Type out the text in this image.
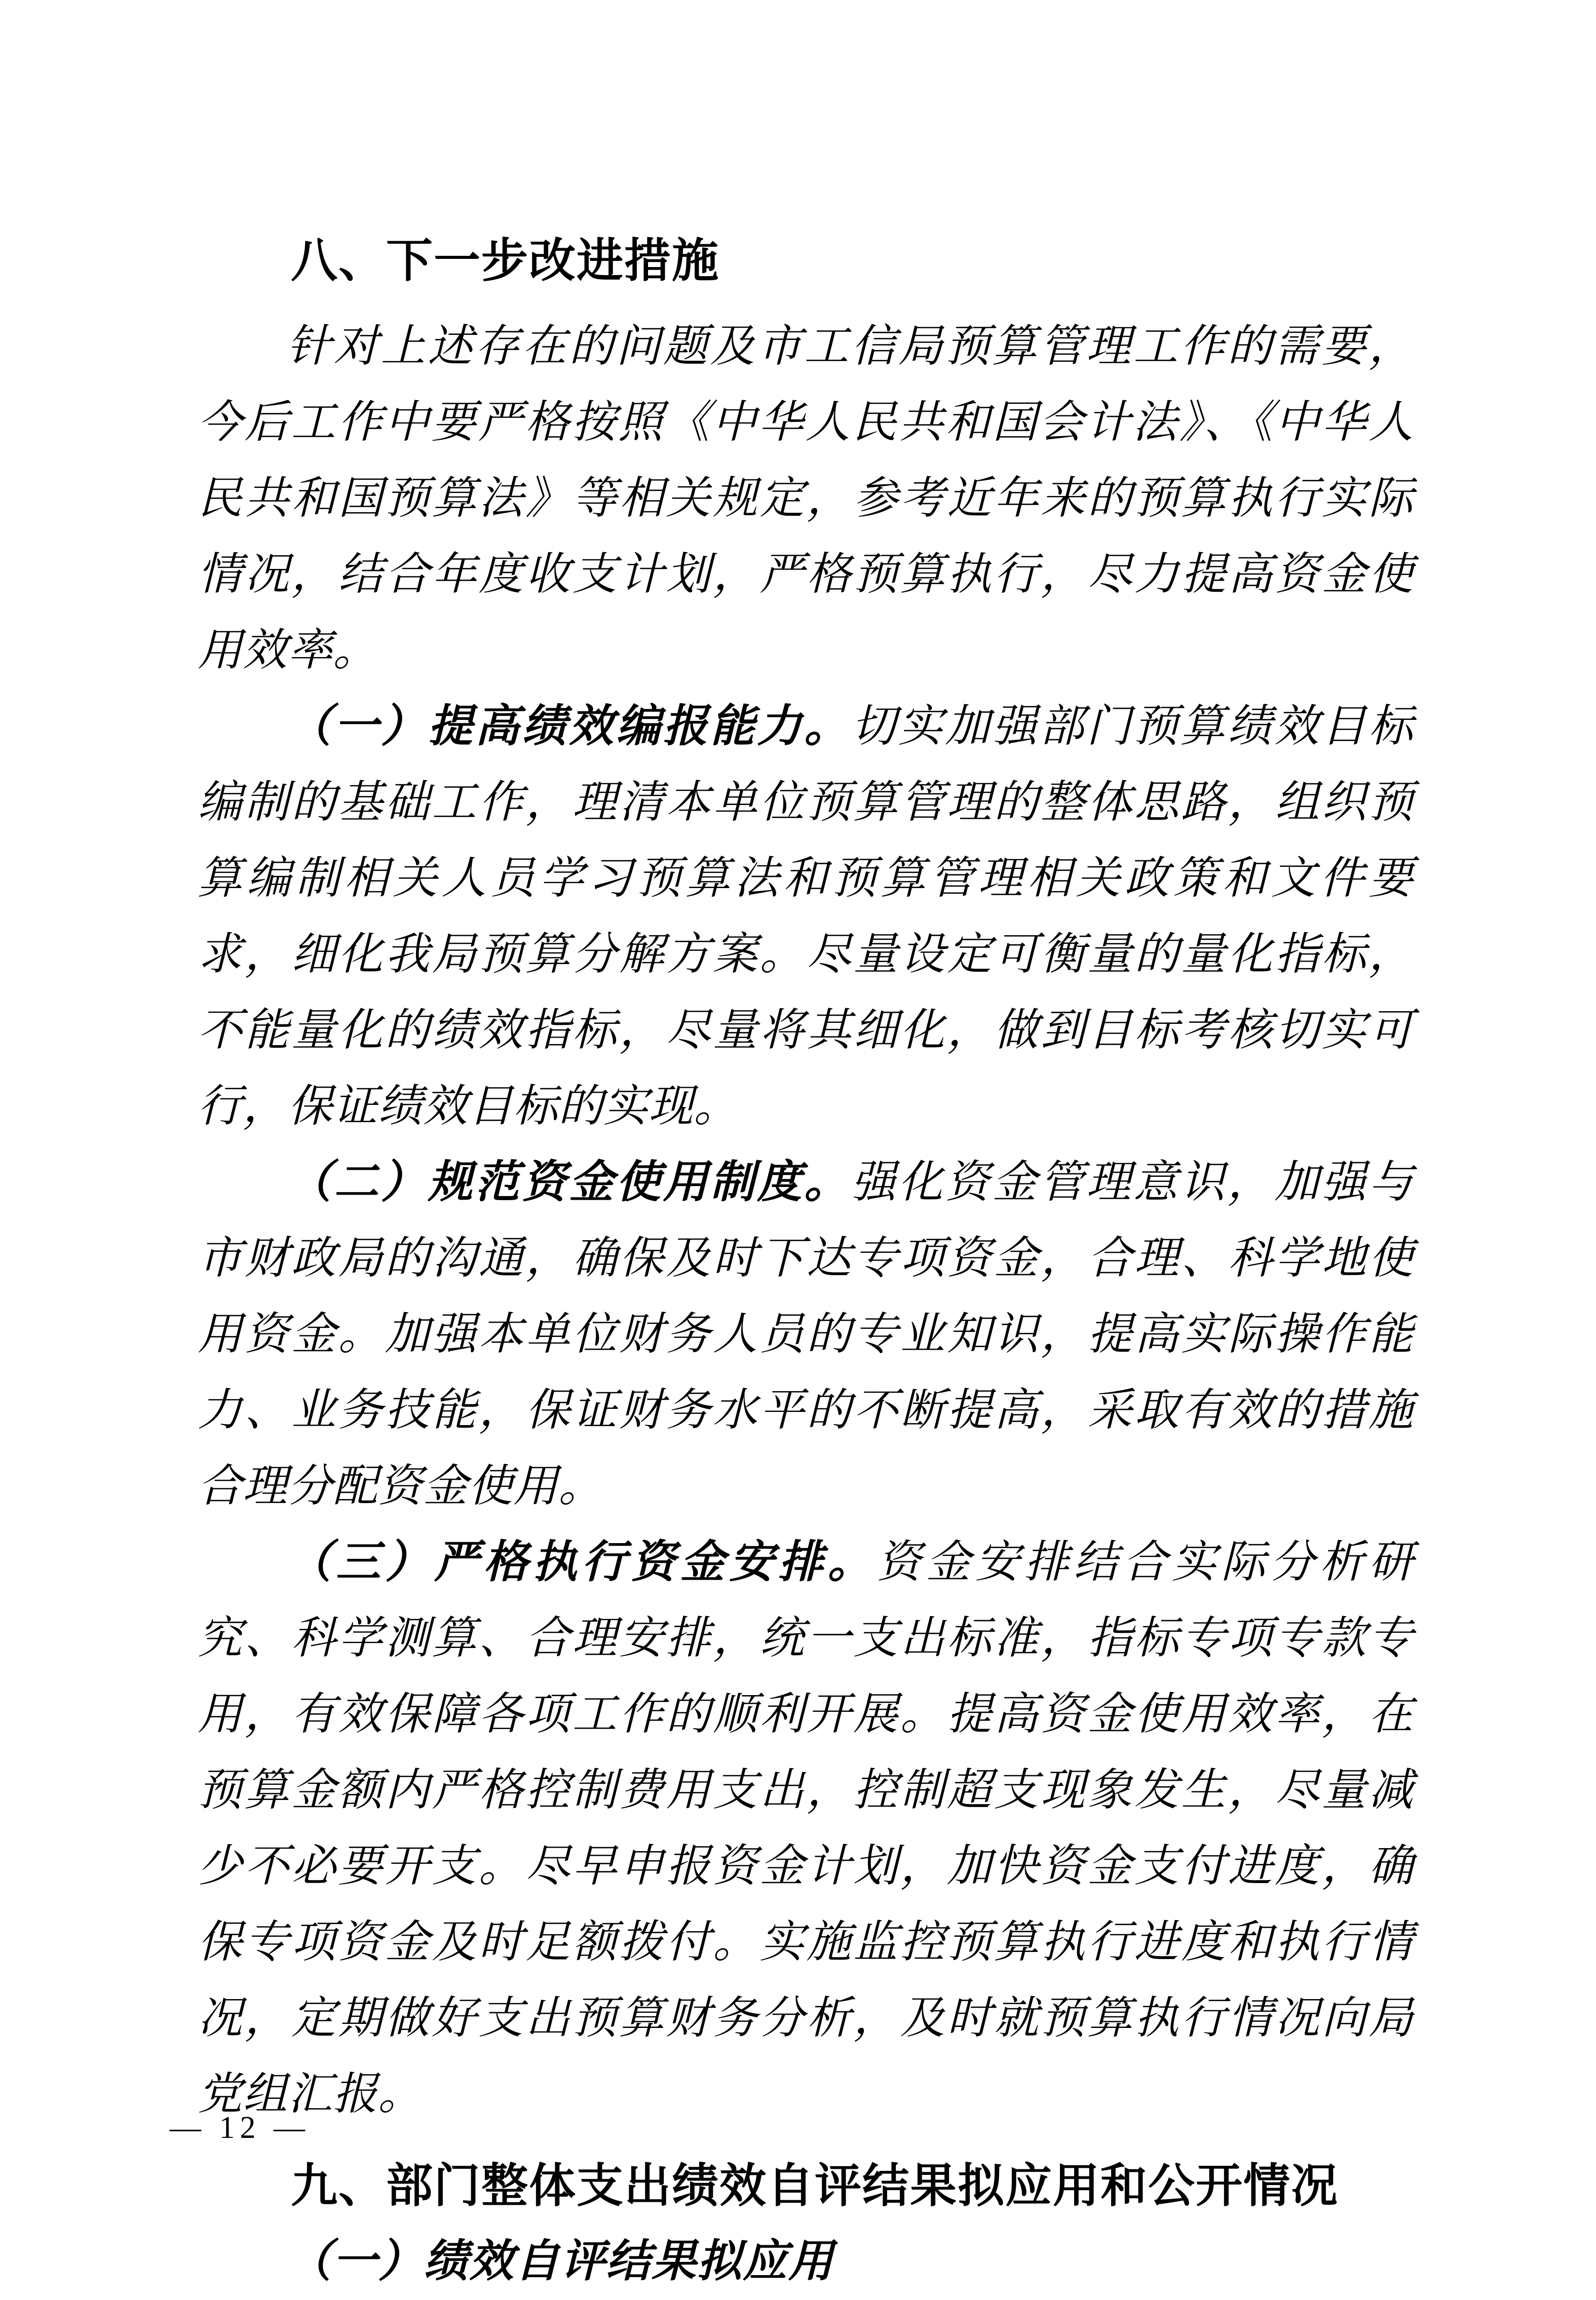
八、下一步改进措施

针对上述存在的问题及市工信局预算管理工作的需要，今后工作中要严格按照《中华人民共和国会计法》、《中华人民共和国预算法》等相关规定，参考近年来的预算执行实际情况，结合年度收支计划，严格预算执行，尽力提高资金使用效率。

（一）提高绩效编报能力。切实加强部门预算绩效目标编制的基础工作，理清本单位预算管理的整体思路，组织预算编制相关人员学习预算法和预算管理相关政策和文件要求，细化我局预算分解方案。尽量设定可衡量的量化指标，不能量化的绩效指标，尽量将其细化，做到目标考核切实可行，保证绩效目标的实现。

（二）规范资金使用制度。强化资金管理意识，加强与市财政局的沟通，确保及时下达专项资金，合理、科学地使用资金。加强本单位财务人员的专业知识，提高实际操作能力、业务技能，保证财务水平的不断提高，采取有效的措施合理分配资金使用。

（三）严格执行资金安排。资金安排结合实际分析研究、科学测算、合理安排，统一支出标准，指标专项专款专用，有效保障各项工作的顺利开展。提高资金使用效率，在预算金额内严格控制费用支出，控制超支现象发生，尽量减少不必要开支。尽早申报资金计划，加快资金支付进度，确保专项资金及时足额拨付。实施监控预算执行进度和执行情况，定期做好支出预算财务分析，及时就预算执行情况向局党组汇报。

九、部门整体支出绩效自评结果拟应用和公开情况
（一）绩效自评结果拟应用
— 12 —
